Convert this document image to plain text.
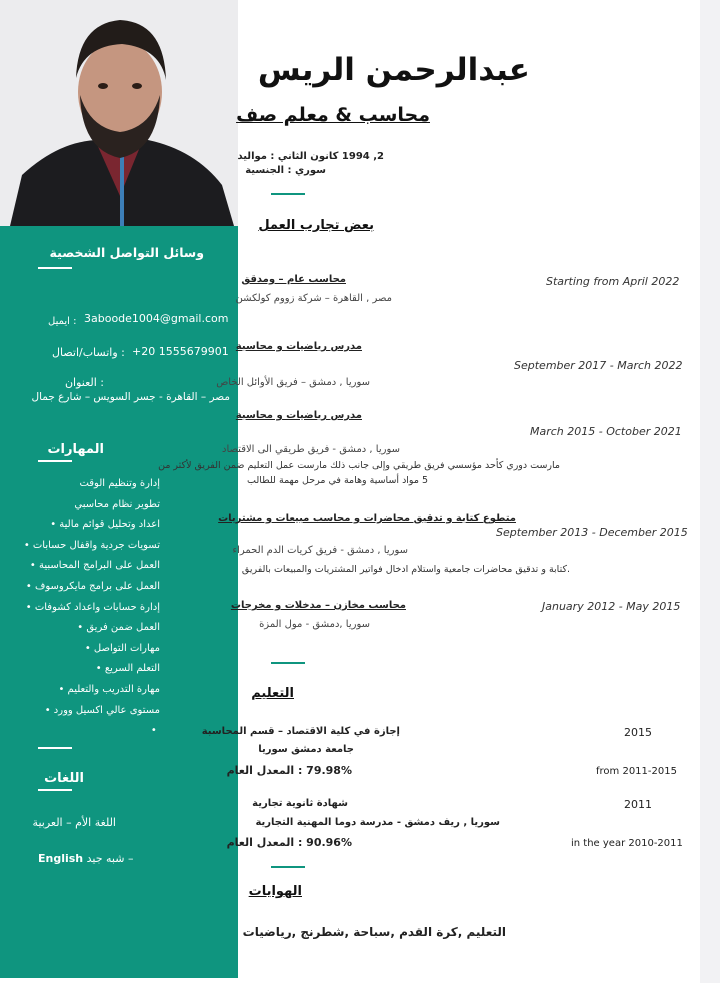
وسائل التواصل الشخصية
3aboode1004@gmail.com
: ايميل
+20 1555679901
: واتساب/اتصال
: العنوان
مصر – القاهرة - جسر السويس – شارع جمال
المهارات
إدارة وتنظيم الوقت
تطوير نظام محاسبي
اعداد وتحليل قوائم مالية •
تسويات جردية واقفال حسابات •
العمل على البرامج المحاسبية •
العمل على برامج مايكروسوف •
إدارة حسابات واعداد كشوفات •
العمل ضمن فريق •
مهارات التواصل •
التعلم السريع •
مهارة التدريب والتعليم •
مستوى عالي اكسيل وورد •
•
اللغات
اللغة الأم – العربية
English شبه جيد –
عبدالرحمن الريس
محاسب & معلم صف
2, 1994 كانون الثاني : مواليد
سوري : الجنسية
بعض تجارب العمل
محاسب عام – ومدقق	Starting from April 2022
مصر , القاهرة – شركة زووم كولكشن
مدرس رياضيات و محاسبة
September 2017 - March 2022
سوريا , دمشق – فريق الأوائل الخاص
مدرس رياضيات و محاسبة
March 2015 - October 2021
سوريا , دمشق - فريق طريقي الى الاقتصاد
مارست دوري كأحد مؤسسي فريق طريقي وإلى جانب ذلك مارست عمل التعليم ضمن الفريق لأكثر من
5 مواد أساسية وهامة في مرحل مهمة للطالب
متطوع كتابة و تدقيق محاضرات و محاسب مبيعات و مشتريات
September 2013 - December 2015
سوريا , دمشق - فريق كريات الدم الحمراء
.كتابة و تدقيق محاضرات جامعية واستلام ادخال فواتير المشتريات والمبيعات بالفريق
محاسب مخازن – مدخلات و مخرجات	January 2012 - May 2015
سوريا ,دمشق - مول المزة
التعليم
إجازة في كلية الاقتصاد – قسم المحاسبة	2015
جامعة دمشق سوريا
79.98% : المعدل العام	from 2011-2015
شهادة ثانوية تجارية	2011
سوريا , ريف دمشق - مدرسة دوما المهنية التجارية
90.96% : المعدل العام	in the year 2010-2011
الهوايات
التعليم ,كرة القدم ,سباحة ,شطرنج ,رياضيات
